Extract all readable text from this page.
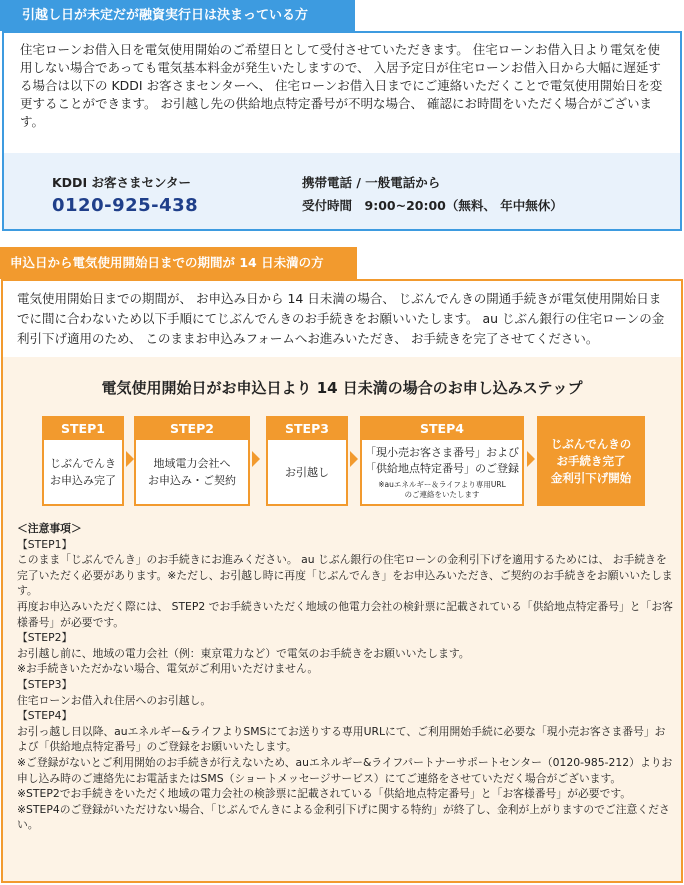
引越し日が未定だが融資実行日は決まっている方
住宅ローンお借入日を電気使用開始のご希望日として受付させていただきます。 住宅ローンお借入日より電気を使用しない場合であっても電気基本料金が発生いたしますので、 入居予定日が住宅ローンお借入日から大幅に遅延する場合は以下の KDDI お客さまセンターへ、 住宅ローンお借入日までにご連絡いただくことで電気使用開始日を変更することができます。 お引越し先の供給地点特定番号が不明な場合、 確認にお時間をいただく場合がございます。
KDDI お客さまセンター
0120-925-438
携帯電話 / 一般電話から
受付時間　9:00~20:00（無料、 年中無休）
申込日から電気使用開始日までの期間が 14 日未満の方
電気使用開始日までの期間が、 お申込み日から 14 日未満の場合、 じぶんでんきの開通手続きが電気使用開始日までに間に合わないため以下手順にてじぶんでんきのお手続きをお願いいたします。 au じぶん銀行の住宅ローンの金利引下げ適用のため、 このままお申込みフォームへお進みいただき、 お手続きを完了させてください。
電気使用開始日がお申込日より 14 日未満の場合のお申し込みステップ
STEP1
じぶんでんき
お申込み完了
STEP2
地域電力会社へ
お申込み・ご契約
STEP3
お引越し
STEP4
「現小売お客さま番号」および
「供給地点特定番号」のご登録
※auエネルギー＆ライフより専用URL
のご連絡をいたします
じぶんでんきの
お手続き完了
金利引下げ開始
＜注意事項＞
【STEP1】
このまま「じぶんでんき」のお手続きにお進みください。 au じぶん銀行の住宅ローンの金利引下げを適用するためには、 お手続きを完了いただく必要があります。※ただし、お引越し時に再度「じぶんでんき」をお申込みいただき、ご契約のお手続きをお願いいたします。
再度お申込みいただく際には、 STEP2 でお手続きいただく地域の他電力会社の検針票に記載されている「供給地点特定番号」と「お客様番号」が必要です。
【STEP2】
お引越し前に、地域の電力会社（例：東京電力など）で電気のお手続きをお願いいたします。
※お手続きいただかない場合、電気がご利用いただけません。
【STEP3】
住宅ローンお借入れ住居へのお引越し。
【STEP4】
お引っ越し日以降、auエネルギー&ライフよりSMSにてお送りする専用URLにて、ご利用開始手続に必要な「現小売お客さま番号」および「供給地点特定番号」のご登録をお願いいたします。
※ご登録がないとご利用開始のお手続きが行えないため、auエネルギー&ライフパートナーサポートセンター（0120-985-212）よりお申し込み時のご連絡先にお電話またはSMS（ショートメッセージサービス）にてご連絡をさせていただく場合がございます。
※STEP2でお手続きをいただく地域の電力会社の検診票に記載されている「供給地点特定番号」と「お客様番号」が必要です。
※STEP4のご登録がいただけない場合、「じぶんでんきによる金利引下げに関する特約」が終了し、金利が上がりますのでご注意ください。
